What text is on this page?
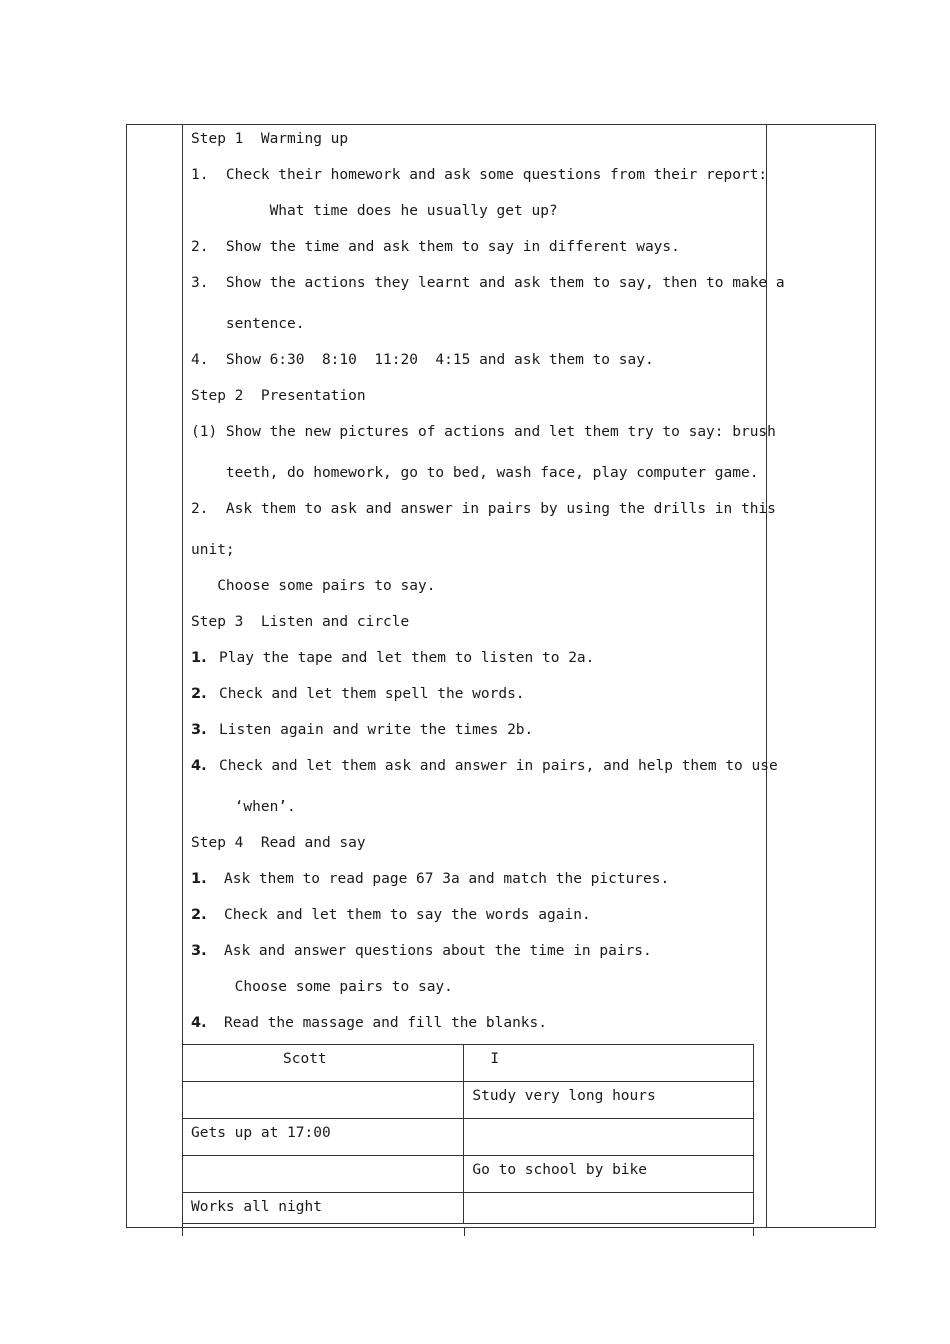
Step 1  Warming up
1.  Check their homework and ask some questions from their report:
What time does he usually get up?
2.  Show the time and ask them to say in different ways.
3.  Show the actions they learnt and ask them to say, then to make a
sentence.
4.  Show 6:30  8:10  11:20  4:15 and ask them to say.
Step 2  Presentation
(1) Show the new pictures of actions and let them try to say: brush
teeth, do homework, go to bed, wash face, play computer game.
2.  Ask them to ask and answer in pairs by using the drills in this
unit;
Choose some pairs to say.
Step 3  Listen and circle
1. Play the tape and let them to listen to 2a.
2. Check and let them spell the words.
3. Listen again and write the times 2b.
4. Check and let them ask and answer in pairs, and help them to use
‘when’.
Step 4  Read and say
1. Ask them to read page 67 3a and match the pictures.
2. Check and let them to say the words again.
3. Ask and answer questions about the time in pairs.
Choose some pairs to say.
4. Read the massage and fill the blanks.
Scott	I
	Study very long hours
Gets up at 17:00	
	Go to school by bike
Works all night	
